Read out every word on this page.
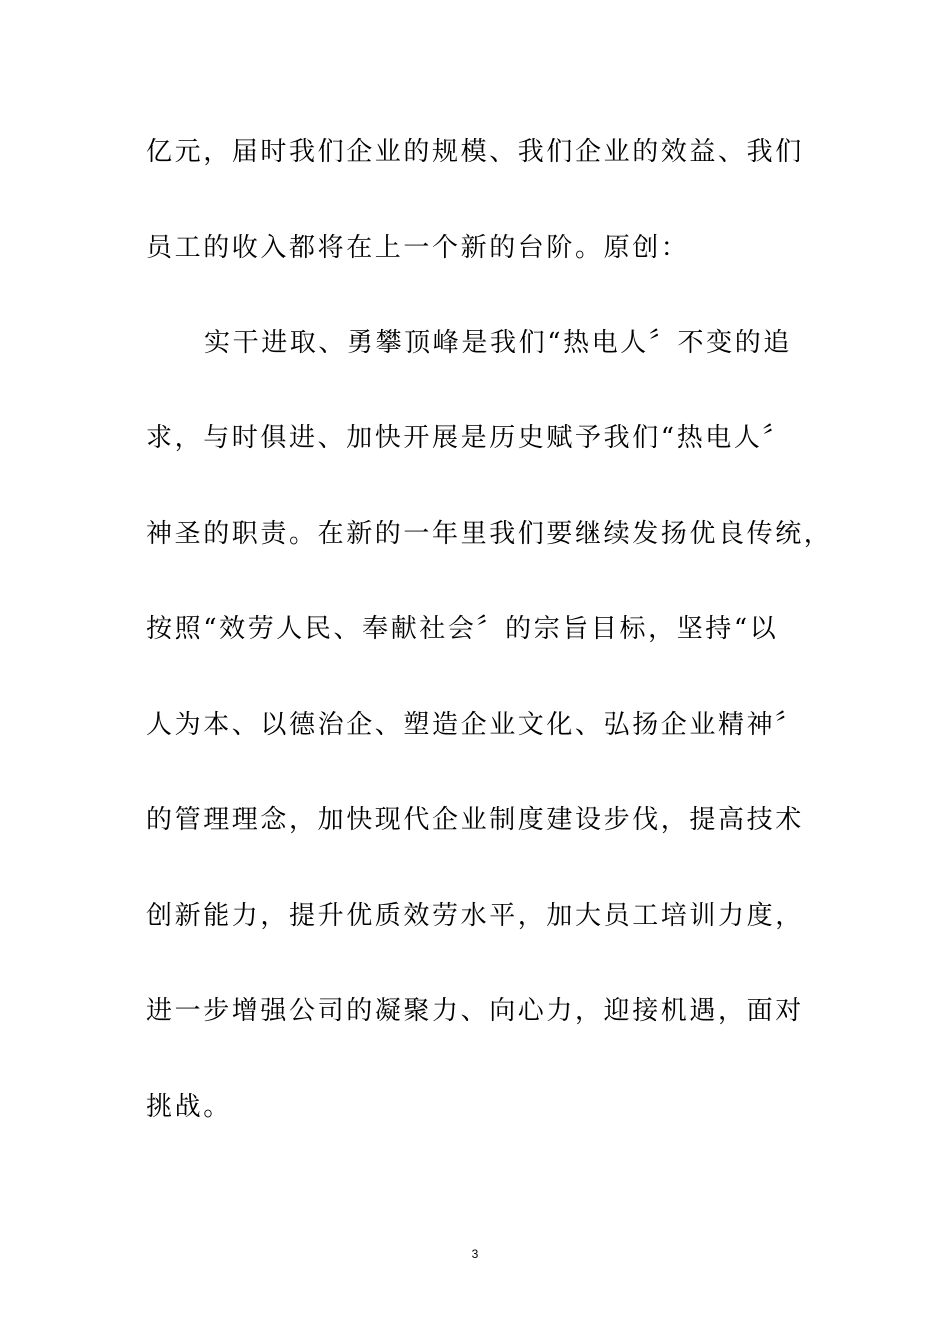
亿元，届时我们企业的规模、我们企业的效益、我们
员工的收入都将在上一个新的台阶。原创：
实干进取、勇攀顶峰是我们“热电人〞不变的追
求，与时俱进、加快开展是历史赋予我们“热电人〞
神圣的职责。在新的一年里我们要继续发扬优良传统，
按照“效劳人民、奉献社会〞的宗旨目标，坚持“以
人为本、以德治企、塑造企业文化、弘扬企业精神〞
的管理理念，加快现代企业制度建设步伐，提高技术
创新能力，提升优质效劳水平，加大员工培训力度，
进一步增强公司的凝聚力、向心力，迎接机遇，面对
挑战。
3
